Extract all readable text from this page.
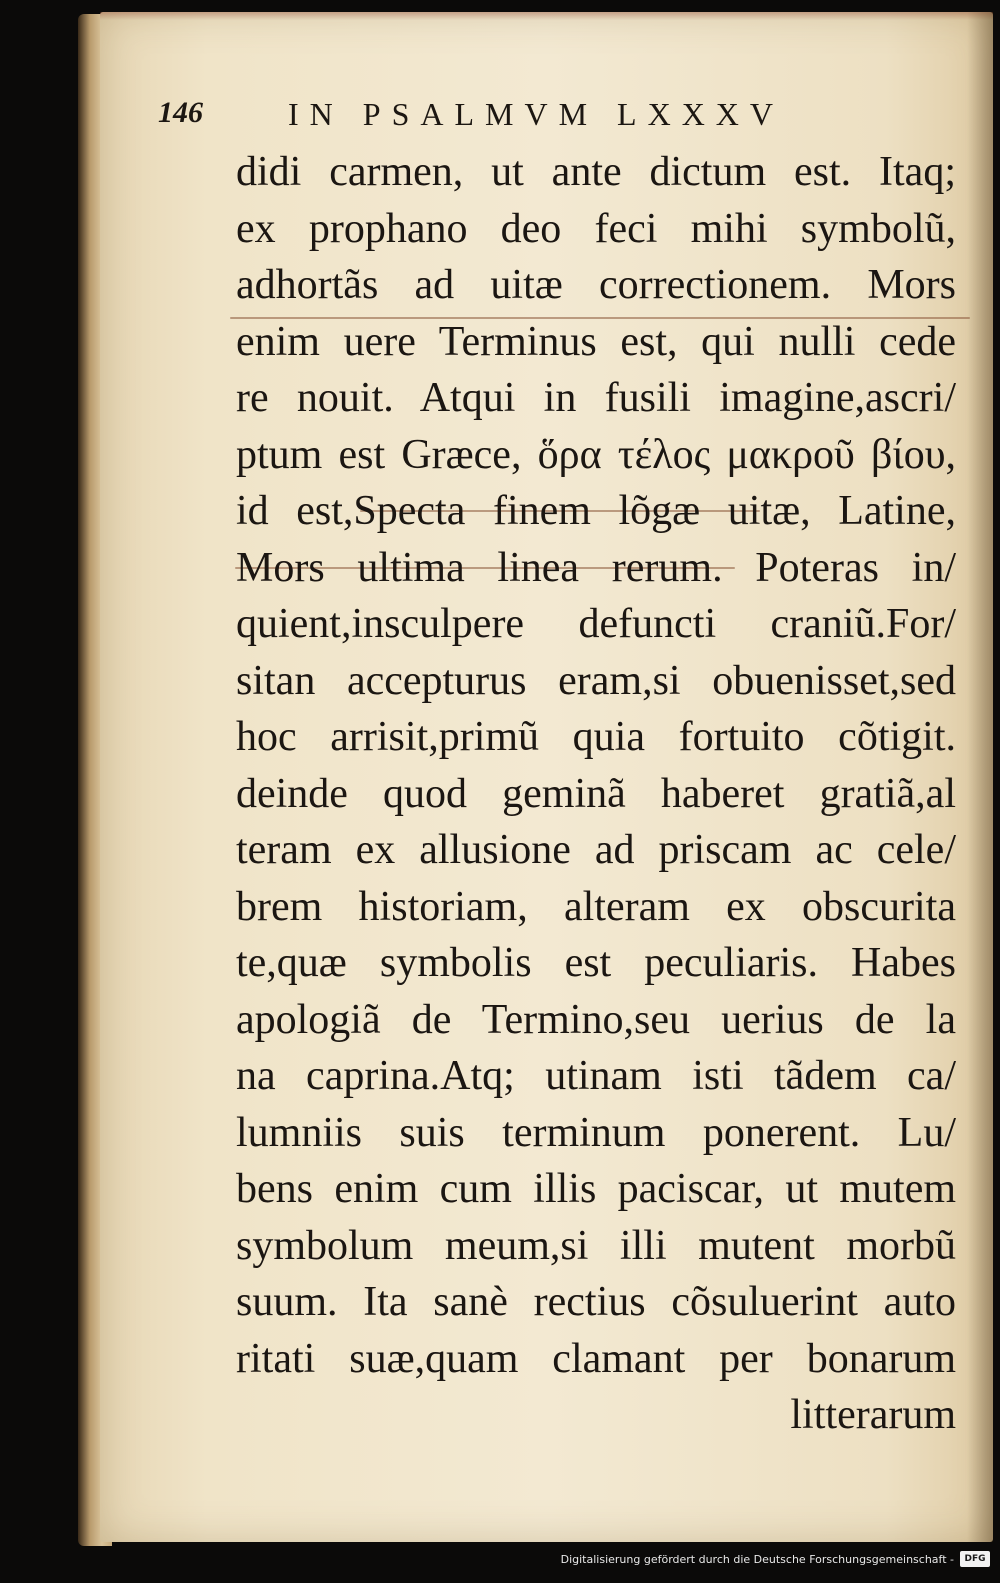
146	IN PSALMVM LXXXV
didi carmen, ut ante dictum est. Itaq;
ex prophano deo feci mihi symbolũ,
adhortãs ad uitæ correctionem. Mors
enim uere Terminus est, qui nulli cede
re nouit. Atqui in fusili imagine,ascri/
ptum est Græce, ὅρα τέλος μακροῦ βίου,
id est,Specta finem lõgæ uitæ, Latine,
Mors ultima linea rerum. Poteras in/
quient,insculpere defuncti craniũ.For/
sitan accepturus eram,si obuenisset,sed
hoc arrisit,primũ quia fortuito cõtigit.
deinde quod geminã haberet gratiã,al
teram ex allusione ad priscam ac cele/
brem historiam, alteram ex obscurita
te,quæ symbolis est peculiaris. Habes
apologiã de Termino,seu uerius de la
na caprina.Atq; utinam isti tãdem ca/
lumniis suis terminum ponerent. Lu/
bens enim cum illis paciscar, ut mutem
symbolum meum,si illi mutent morbũ
suum. Ita sanè rectius cõsuluerint auto
ritati suæ,quam clamant per bonarum
litterarum
Digitalisierung gefördert durch die Deutsche Forschungsgemeinschaft -	DFG
